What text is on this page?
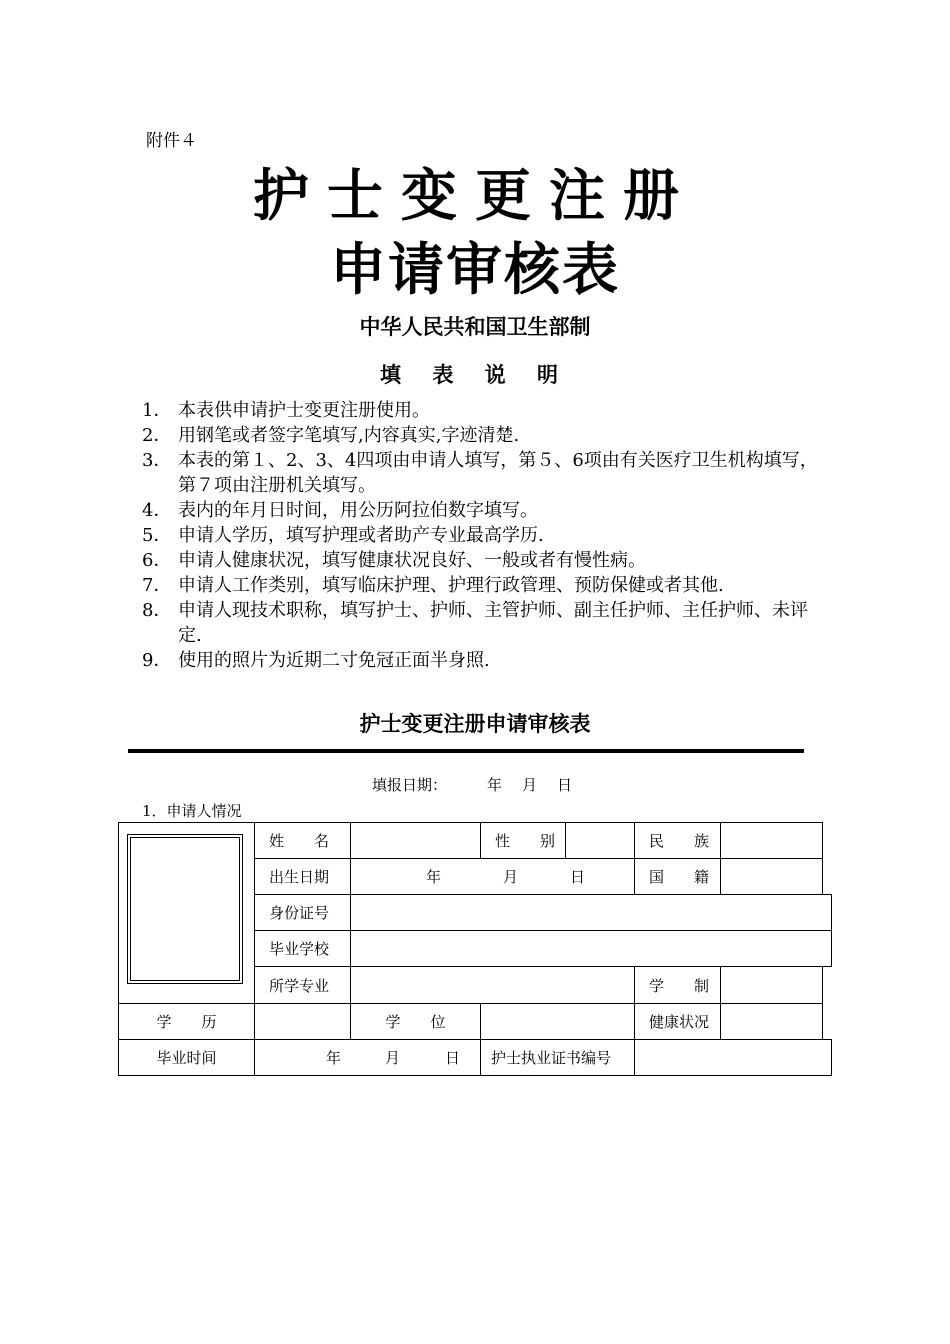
附件４
护士变更注册
申请审核表
中华人民共和国卫生部制
填 表 说 明
1． 本表供申请护士变更注册使用。
2． 用钢笔或者签字笔填写,内容真实,字迹清楚.
3． 本表的第１、2、3、4四项由申请人填写，第５、6项由有关医疗卫生机构填写，第７项由注册机关填写。
4． 表内的年月日时间，用公历阿拉伯数字填写。
5． 申请人学历，填写护理或者助产专业最高学历.
6． 申请人健康状况，填写健康状况良好、一般或者有慢性病。
7． 申请人工作类别，填写临床护理、护理行政管理、预防保健或者其他.
8． 申请人现技术职称，填写护士、护师、主管护师、副主任护师、主任护师、未评定.
9． 使用的照片为近期二寸免冠正面半身照.
护士变更注册申请审核表
填报日期：	年 月 日
1．申请人情况
姓　　名	性　　别	民　　族
出生日期	年	月	日	国　　籍
身份证号
毕业学校
所学专业	学　　制
学　　历	学　　位	健康状况
毕业时间	年	月	日	护士执业证书编号
